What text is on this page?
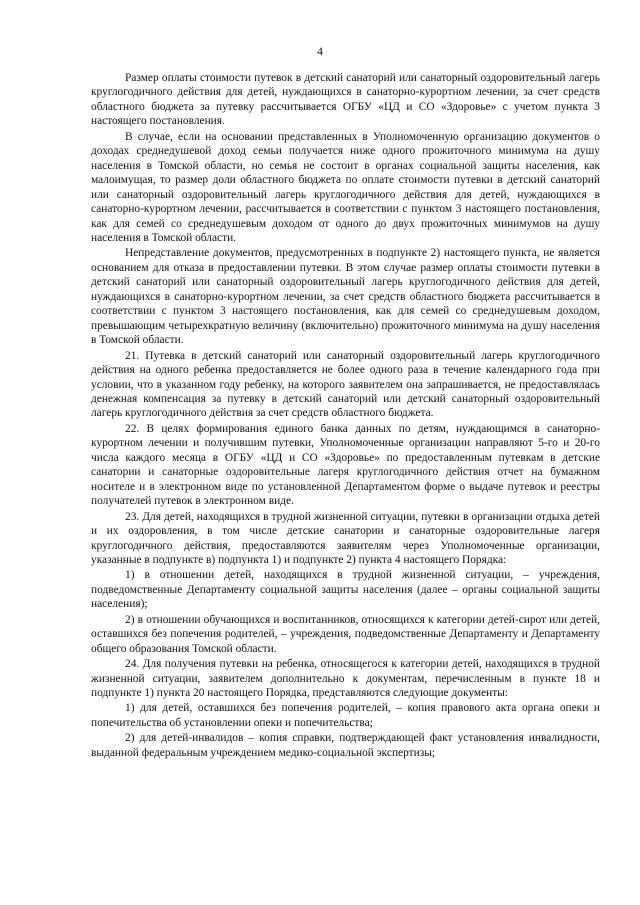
4

Размер оплаты стоимости путевок в детский санаторий или санаторный оздоровительный лагерь круглогодичного действия для детей, нуждающихся в санаторно-курортном лечении, за счет средств областного бюджета за путевку рассчитывается ОГБУ «ЦД и СО «Здоровье» с учетом пункта 3 настоящего постановления.

В случае, если на основании представленных в Уполномоченную организацию документов о доходах среднедушевой доход семьи получается ниже одного прожиточного минимума на душу населения в Томской области, но семья не состоит в органах социальной защиты населения, как малоимущая, то размер доли областного бюджета по оплате стоимости путевки в детский санаторий или санаторный оздоровительный лагерь круглогодичного действия для детей, нуждающихся в санаторно-курортном лечении, рассчитывается в соответствии с пунктом 3 настоящего постановления, как для семей со среднедушевым доходом от одного до двух прожиточных минимумов на душу населения в Томской области.

Непредставление документов, предусмотренных в подпункте 2) настоящего пункта, не является основанием для отказа в предоставлении путевки. В этом случае размер оплаты стоимости путевки в детский санаторий или санаторный оздоровительный лагерь круглогодичного действия для детей, нуждающихся в санаторно-курортном лечении, за счет средств областного бюджета рассчитывается в соответствии с пунктом 3 настоящего постановления, как для семей со среднедушевым доходом, превышающим четырехкратную величину (включительно) прожиточного минимума на душу населения в Томской области.

21. Путевка в детский санаторий или санаторный оздоровительный лагерь круглогодичного действия на одного ребенка предоставляется не более одного раза в течение календарного года при условии, что в указанном году ребенку, на которого заявителем она запрашивается, не предоставлялась денежная компенсация за путевку в детский санаторий или детский санаторный оздоровительный лагерь круглогодичного действия за счет средств областного бюджета.

22. В целях формирования единого банка данных по детям, нуждающимся в санаторно-курортном лечении и получившим путевки, Уполномоченные организации направляют 5-го и 20-го числа каждого месяца в ОГБУ «ЦД и СО «Здоровье» по предоставленным путевкам в детские санатории и санаторные оздоровительные лагеря круглогодичного действия отчет на бумажном носителе и в электронном виде по установленной Департаментом форме о выдаче путевок и реестры получателей путевок в электронном виде.

23. Для детей, находящихся в трудной жизненной ситуации, путевки в организации отдыха детей и их оздоровления, в том числе детские санатории и санаторные оздоровительные лагеря круглогодичного действия, предоставляются заявителям через Уполномоченные организации, указанные в подпункте в) подпункта 1) и подпункте 2) пункта 4 настоящего Порядка:

1) в отношении детей, находящихся в трудной жизненной ситуации, – учреждения, подведомственные Департаменту социальной защиты населения (далее – органы социальной защиты населения);

2) в отношении обучающихся и воспитанников, относящихся к категории детей-сирот или детей, оставшихся без попечения родителей, – учреждения, подведомственные Департаменту и Департаменту общего образования Томской области.

24. Для получения путевки на ребенка, относящегося к категории детей, находящихся в трудной жизненной ситуации, заявителем дополнительно к документам, перечисленным в пункте 18 и подпункте 1) пункта 20 настоящего Порядка, представляются следующие документы:

1) для детей, оставшихся без попечения родителей, – копия правового акта органа опеки и попечительства об установлении опеки и попечительства;

2) для детей-инвалидов – копия справки, подтверждающей факт установления инвалидности, выданной федеральным учреждением медико-социальной экспертизы;
